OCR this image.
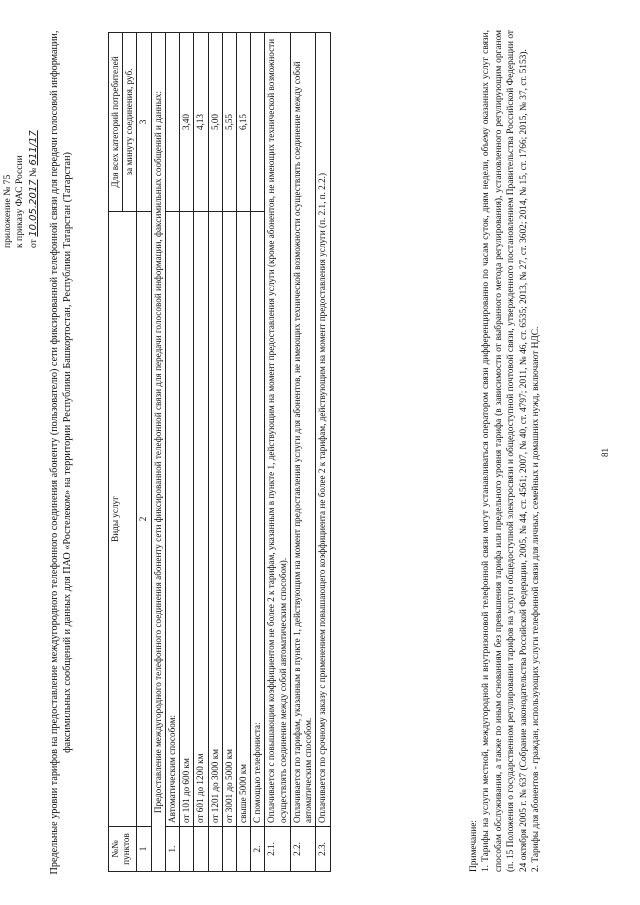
приложение № 75 к приказу ФАС России от 10.05.2017 № 611/17 Предельные уровни тарифов на предоставление междугородного телефонного соединения абоненту (пользователю) сети фиксированной телефонной связи для передачи голосовой информации, факсимильных сообщений и данных для ПАО «Ростелеком» на территории Республики Башкортостан, Республики Татарстан (Татарстан)
№№ пунктов	Виды услуг	Для всех категорий потребителей
		за минуту соединения, руб.
1	2	3
Предоставление междугородного телефонного соединения абоненту сети фиксированной телефонной связи для передачи голосовой информации, факсимильных сообщений и данных:		
1.	Автоматическим способом:	
	от 101 до 600 км	3,40
	от 601 до 1200 км	4,13
	от 1201 до 3000 км	5,00
	от 3001 до 5000 км	5,55
	свыше 5000 км	6,15
2.	С помощью телефониста:	
2.1.	Оплачивается с повышающим коэффициентом не более 2 к тарифам, указанным в пункте 1, действующим на момент предоставления услуги (кроме абонентов, не имеющих технической возможности осуществлять соединение между собой автоматическим способом).	
2.2.	Оплачивается по тарифам, указанным в пункте 1, действующим на момент предоставления услуги для абонентов, не имеющих технической возможности осуществлять соединение между собой автоматическим способом.	
2.3.	Оплачивается по срочному заказу с применением повышающего коэффициента не более 2 к тарифам, действующим на момент предоставления услуги (п. 2.1, п. 2.2.)	
Примечание: 1. Тарифы на услуги местной, междугородной и внутризоновой телефонной связи могут устанавливаться оператором связи дифференцированно по часам суток, дням недели, объему оказанных услуг связи, способам обслуживания, а также по иным основаниям без превышения тарифа или предельного уровня тарифа (в зависимости от выбранного метода регулирования), установленного регулирующим органом (п. 15 Положения о государственном регулировании тарифов на услуги общедоступной электросвязи и общедоступной почтовой связи, утвержденного постановлением Правительства Российской Федерации от 24 октября 2005 г. № 637 (Собрание законодательства Российской Федерации, 2005, № 44, ст. 4561; 2007, № 40, ст. 4797; 2011, № 46, ст. 6535; 2013, № 27, ст. 3602; 2014, № 15, ст. 1766; 2015, № 37, ст. 5153). 2. Тарифы для абонентов - граждан, использующих услуги телефонной связи для личных, семейных и домашних нужд, включают НДС.	81
